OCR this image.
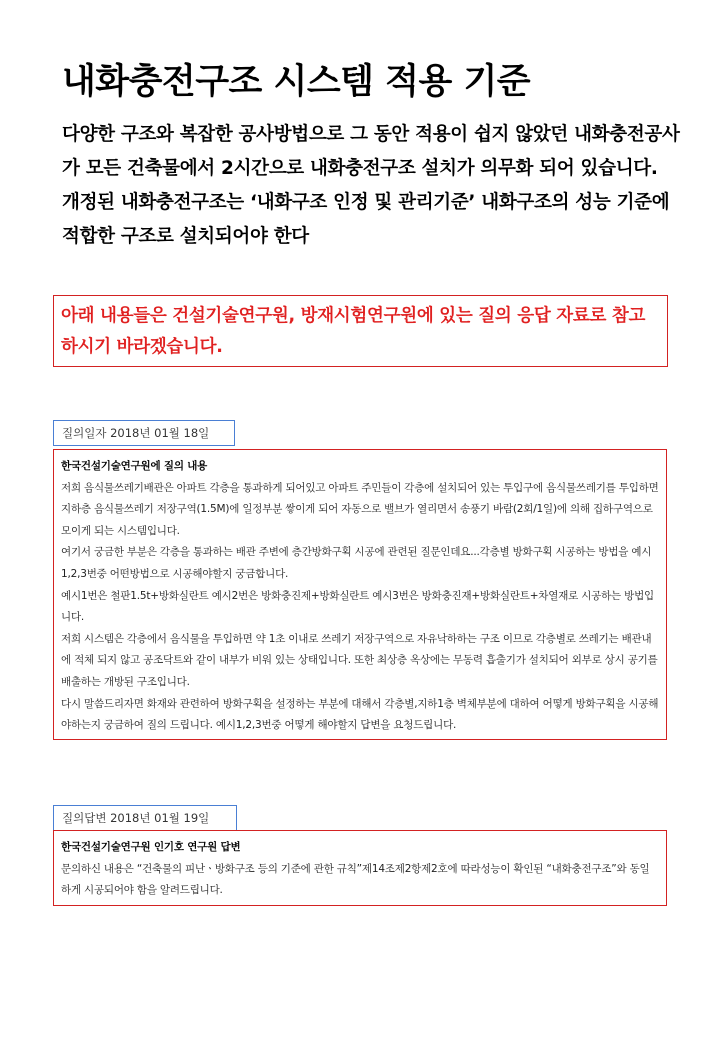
내화충전구조 시스템 적용 기준

다양한 구조와 복잡한 공사방법으로 그 동안 적용이 쉽지 않았던 내화충전공사가 모든 건축물에서 2시간으로 내화충전구조 설치가 의무화 되어 있습니다.

개정된 내화충전구조는 ‘내화구조 인정 및 관리기준’ 내화구조의 성능 기준에 적합한 구조로 설치되어야 한다

아래 내용들은 건설기술연구원, 방재시험연구원에 있는 질의 응답 자료로 참고하시기 바라겠습니다.
질의일자 2018년 01월 18일

한국건설기술연구원에 질의 내용

저희 음식물쓰레기배관은 아파트 각층을 통과하게 되어있고 아파트 주민들이 각층에 설치되어 있는 투입구에 음식물쓰레기를 투입하면 지하층 음식물쓰레기 저장구역(1.5M)에 일정부분 쌓이게 되어 자동으로 밸브가 열리면서 송풍기 바람(2회/1일)에 의해 집하구역으로 모이게 되는 시스템입니다.

여기서 궁금한 부분은 각층을 통과하는 배관 주변에 층간방화구획 시공에 관련된 질문인데요...각층별 방화구획 시공하는 방법을 예시1,2,3번중 어떤방법으로 시공해야할지 궁금합니다.

예시1번은 철판1.5t+방화실란트 예시2번은 방화충진제+방화실란트 예시3번은 방화충진재+방화실란트+차열재로 시공하는 방법입니다.

저희 시스템은 각층에서 음식물을 투입하면 약 1초 이내로 쓰레기 저장구역으로 자유낙하하는 구조 이므로 각층별로 쓰레기는 배관내에 적체 되지 않고 공조닥트와 같이 내부가 비워 있는 상태입니다. 또한 최상층 옥상에는 무동력 흡출기가 설치되어 외부로 상시 공기를 배출하는 개방된 구조입니다.

다시 말씀드리자면 화재와 관련하여 방화구획을 설정하는 부분에 대해서 각층별,지하1층 벽체부분에 대하여 어떻게 방화구획을 시공해야하는지 궁금하여 질의 드립니다. 예시1,2,3번중 어떻게 해야할지 답변을 요청드립니다.

질의답변 2018년 01월 19일

한국건설기술연구원 인기호 연구원 답변

문의하신 내용은 “건축물의 피난ㆍ방화구조 등의 기준에 관한 규칙”제14조제2항제2호에 따라성능이 확인된 “내화충전구조”와 동일하게 시공되어야 함을 알려드립니다.
